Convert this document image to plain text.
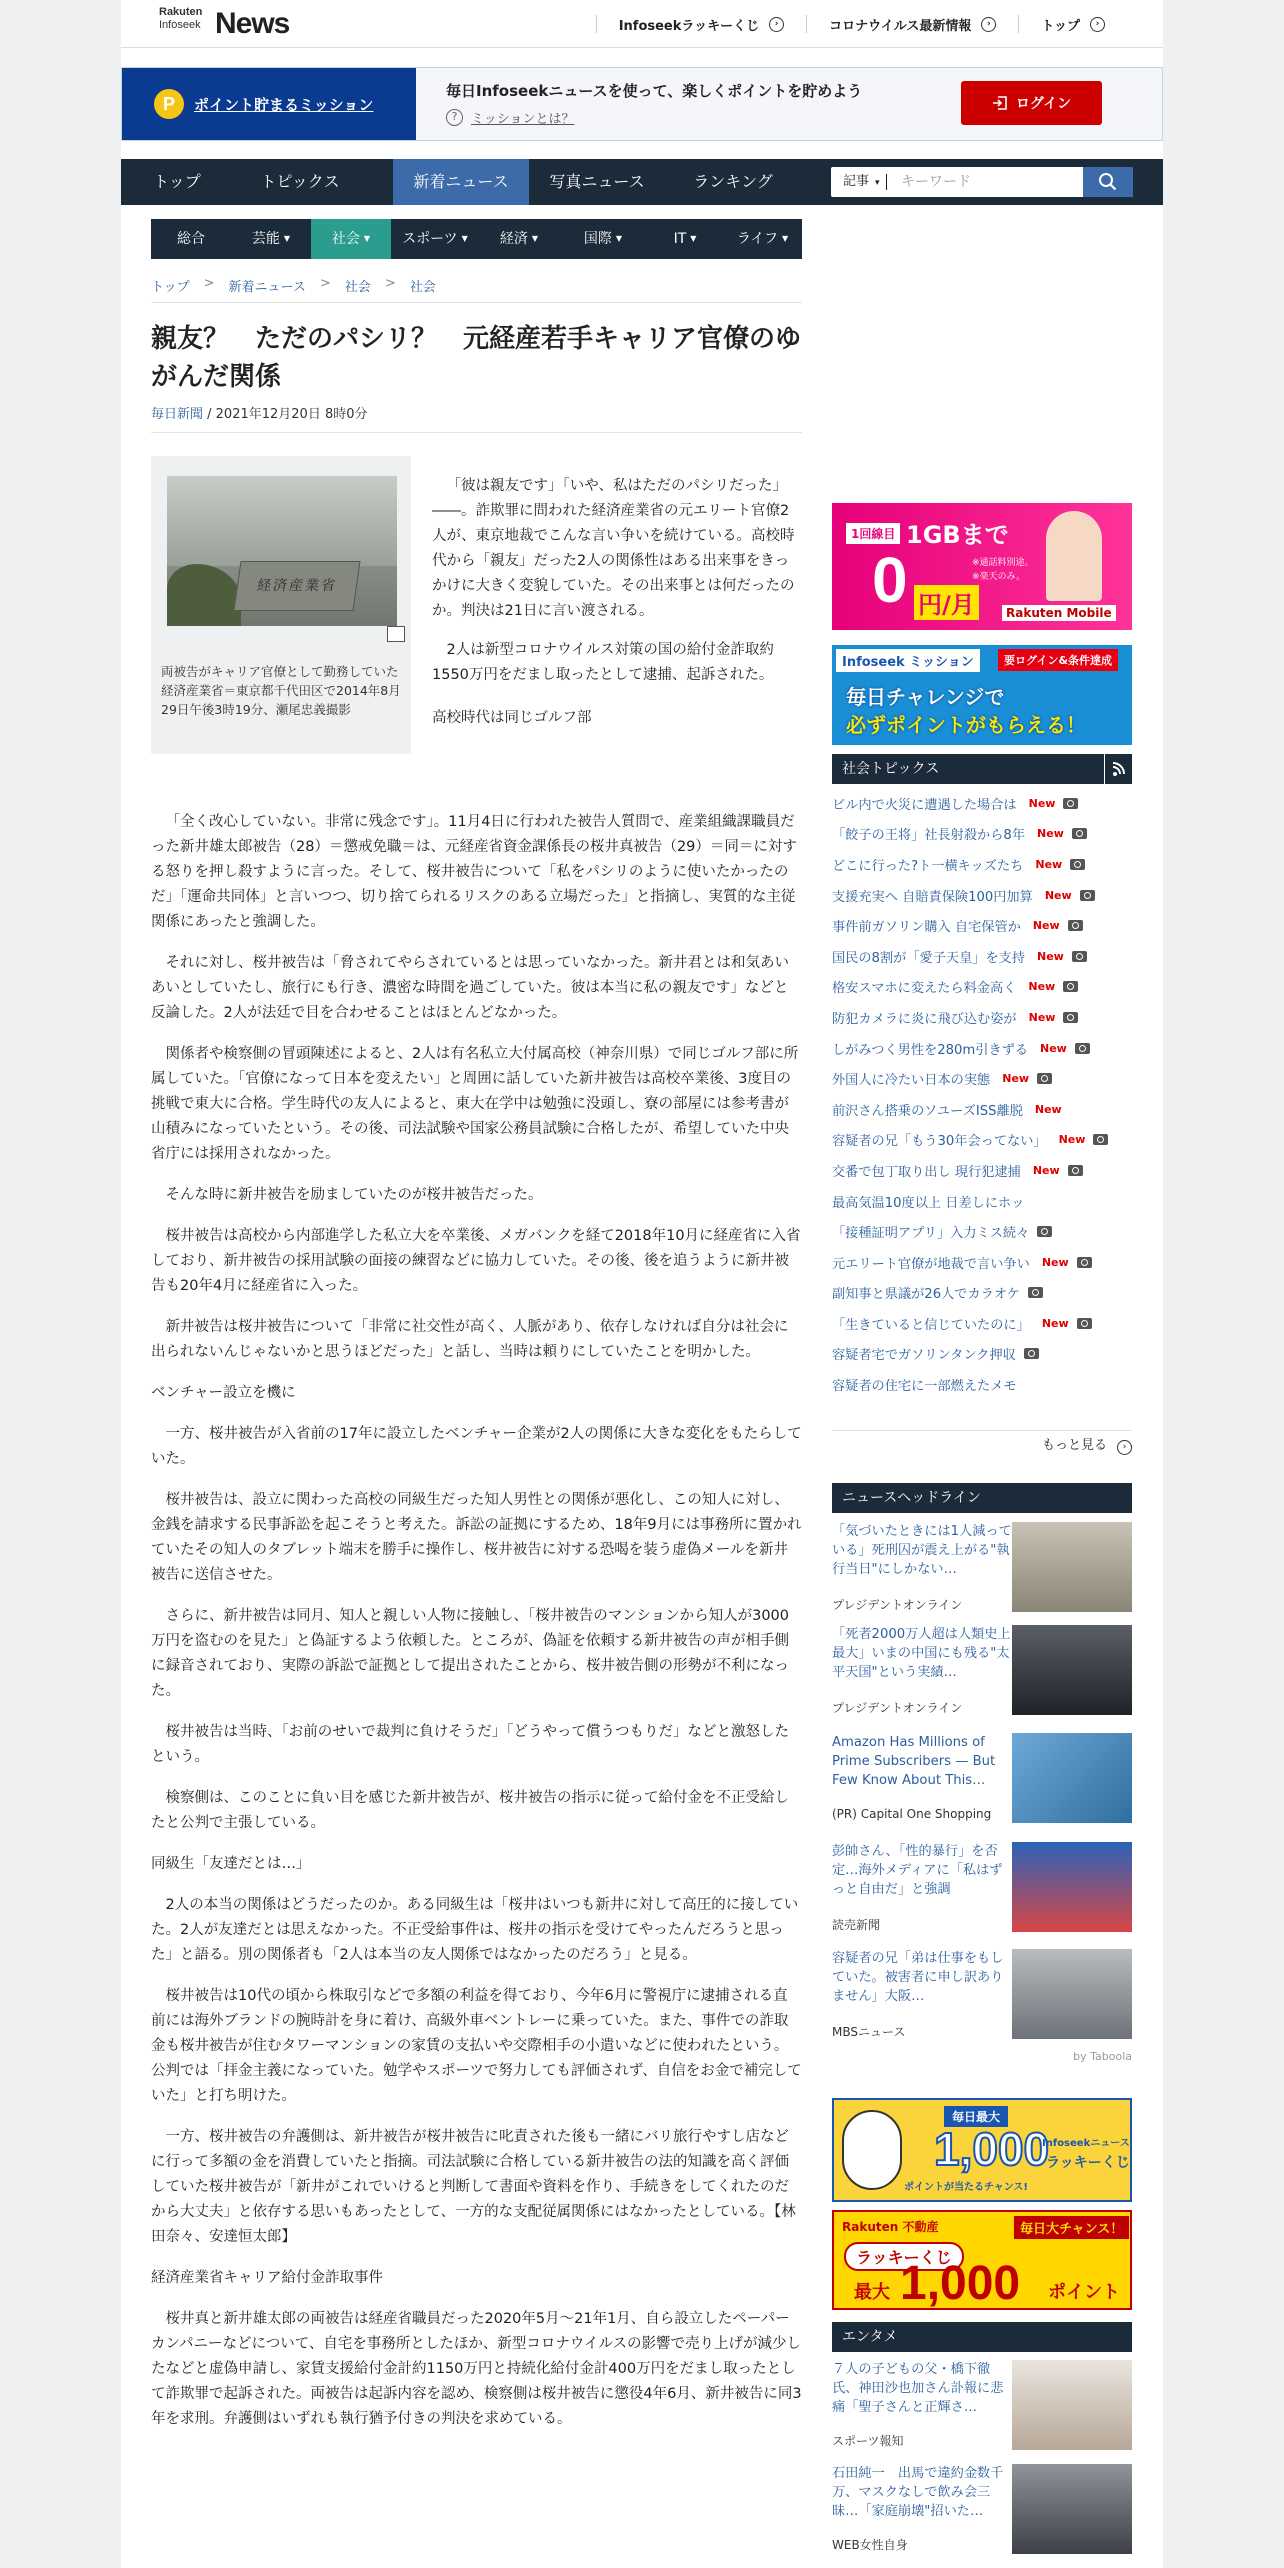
Rakuten
Infoseek News	Infoseekラッキーくじ	›	コロナウイルス最新情報	›	トップ	›
P	ポイント貯まるミッション
毎日Infoseekニュースを使って、楽しくポイントを貯めよう
?	ミッションとは？
ログイン
トップ	トピックス	新着ニュース	写真ニュース	ランキング	記事 ▾
キーワード
総合	芸能 ▼	社会 ▼	スポーツ ▼	経済 ▼	国際 ▼	IT ▼	ライフ ▼
トップ > 新着ニュース > 社会 > 社会
親友？　ただのパシリ？　元経産若手キャリア官僚のゆがんだ関係
毎日新聞 / 2021年12月20日 8時0分
経済産業省
両被告がキャリア官僚として勤務していた経済産業省＝東京都千代田区で2014年8月29日午後3時19分、瀬尾忠義撮影

「彼は親友です」「いや、私はただのパシリだった」――。詐欺罪に問われた経済産業省の元エリート官僚2人が、東京地裁でこんな言い争いを続けている。高校時代から「親友」だった2人の関係性はある出来事をきっかけに大きく変貌していた。その出来事とは何だったのか。判決は21日に言い渡される。

2人は新型コロナウイルス対策の国の給付金詐取約1550万円をだまし取ったとして逮捕、起訴された。

高校時代は同じゴルフ部

「全く改心していない。非常に残念です」。11月4日に行われた被告人質問で、産業組織課職員だった新井雄太郎被告（28）＝懲戒免職＝は、元経産省資金課係長の桜井真被告（29）＝同＝に対する怒りを押し殺すように言った。そして、桜井被告について「私をパシリのように使いたかったのだ」「運命共同体」と言いつつ、切り捨てられるリスクのある立場だった」と指摘し、実質的な主従関係にあったと強調した。

それに対し、桜井被告は「脅されてやらされているとは思っていなかった。新井君とは和気あいあいとしていたし、旅行にも行き、濃密な時間を過ごしていた。彼は本当に私の親友です」などと反論した。2人が法廷で目を合わせることはほとんどなかった。

関係者や検察側の冒頭陳述によると、2人は有名私立大付属高校（神奈川県）で同じゴルフ部に所属していた。「官僚になって日本を変えたい」と周囲に話していた新井被告は高校卒業後、3度目の挑戦で東大に合格。学生時代の友人によると、東大在学中は勉強に没頭し、寮の部屋には参考書が山積みになっていたという。その後、司法試験や国家公務員試験に合格したが、希望していた中央省庁には採用されなかった。

そんな時に新井被告を励ましていたのが桜井被告だった。

桜井被告は高校から内部進学した私立大を卒業後、メガバンクを経て2018年10月に経産省に入省しており、新井被告の採用試験の面接の練習などに協力していた。その後、後を追うように新井被告も20年4月に経産省に入った。

新井被告は桜井被告について「非常に社交性が高く、人脈があり、依存しなければ自分は社会に出られないんじゃないかと思うほどだった」と話し、当時は頼りにしていたことを明かした。

ベンチャー設立を機に

一方、桜井被告が入省前の17年に設立したベンチャー企業が2人の関係に大きな変化をもたらしていた。

桜井被告は、設立に関わった高校の同級生だった知人男性との関係が悪化し、この知人に対し、金銭を請求する民事訴訟を起こそうと考えた。訴訟の証拠にするため、18年9月には事務所に置かれていたその知人のタブレット端末を勝手に操作し、桜井被告に対する恐喝を装う虚偽メールを新井被告に送信させた。

さらに、新井被告は同月、知人と親しい人物に接触し、「桜井被告のマンションから知人が3000万円を盗むのを見た」と偽証するよう依頼した。ところが、偽証を依頼する新井被告の声が相手側に録音されており、実際の訴訟で証拠として提出されたことから、桜井被告側の形勢が不利になった。

桜井被告は当時、「お前のせいで裁判に負けそうだ」「どうやって償うつもりだ」などと激怒したという。

検察側は、このことに負い目を感じた新井被告が、桜井被告の指示に従って給付金を不正受給したと公判で主張している。

同級生「友達だとは…」

2人の本当の関係はどうだったのか。ある同級生は「桜井はいつも新井に対して高圧的に接していた。2人が友達だとは思えなかった。不正受給事件は、桜井の指示を受けてやったんだろうと思った」と語る。別の関係者も「2人は本当の友人関係ではなかったのだろう」と見る。

桜井被告は10代の頃から株取引などで多額の利益を得ており、今年6月に警視庁に逮捕される直前には海外ブランドの腕時計を身に着け、高級外車ベントレーに乗っていた。また、事件での詐取金も桜井被告が住むタワーマンションの家賃の支払いや交際相手の小遣いなどに使われたという。公判では「拝金主義になっていた。勉学やスポーツで努力しても評価されず、自信をお金で補完していた」と打ち明けた。

一方、桜井被告の弁護側は、新井被告が桜井被告に叱責された後も一緒にバリ旅行やすし店などに行って多額の金を消費していたと指摘。司法試験に合格している新井被告の法的知識を高く評価していた桜井被告が「新井がこれでいけると判断して書面や資料を作り、手続きをしてくれたのだから大丈夫」と依存する思いもあったとして、一方的な支配従属関係にはなかったとしている。【林田奈々、安達恒太郎】

経済産業省キャリア給付金詐取事件

桜井真と新井雄太郎の両被告は経産省職員だった2020年5月～21年1月、自ら設立したペーパーカンパニーなどについて、自宅を事務所としたほか、新型コロナウイルスの影響で売り上げが減少したなどと虚偽申請し、家賃支援給付金計約1150万円と持続化給付金計400万円をだまし取ったとして詐欺罪で起訴された。両被告は起訴内容を認め、検察側は桜井被告に懲役4年6月、新井被告に同3年を求刑。弁護側はいずれも執行猶予付きの判決を求めている。

1回線目 1GBまで
※通話料別途。
※楽天のみ。
0 円/月	Rakuten Mobile
Infoseek ミッション	要ログイン&条件達成
毎日チャレンジで
必ずポイントがもらえる！
社会トピックス
ビル内で火災に遭遇した場合は New
「餃子の王将」社長射殺から8年 New
どこに行った?ト一横キッズたち New
支援充実へ 自賠責保険100円加算 New
事件前ガソリン購入 自宅保管か New
国民の8割が「愛子天皇」を支持 New
格安スマホに変えたら料金高く New
防犯カメラに炎に飛び込む姿が New
しがみつく男性を280m引きずる New
外国人に冷たい日本の実態 New
前沢さん搭乗のソユーズISS離脱 New
容疑者の兄「もう30年会ってない」 New
交番で包丁取り出し 現行犯逮捕 New
最高気温10度以上 日差しにホッ
「接種証明アプリ」入力ミス続々
元エリート官僚が地裁で言い争い New
副知事と県議が26人でカラオケ
「生きていると信じていたのに」 New
容疑者宅でガソリンタンク押収
容疑者の住宅に一部燃えたメモ
もっと見る ›
ニュースヘッドライン
「気づいたときには1人減っている」死刑囚が震え上がる"執行当日"にしかない…
プレジデントオンライン
「死者2000万人超は人類史上最大」いまの中国にも残る"太平天国"という実績…
プレジデントオンライン
Amazon Has Millions of Prime Subscribers — But Few Know About This…
(PR) Capital One Shopping
彭帥さん、「性的暴行」を否定…海外メディアに「私はずっと自由だ」と強調
読売新聞
容疑者の兄「弟は仕事をもしていた。被害者に申し訳ありません」大阪…
MBSニュース
by Taboola
毎日最大
1,000
ポイントが当たるチャンス!
Infoseekニュース
ラッキーくじ
Rakuten 不動産	毎日大チャンス！
ラッキーくじ
最大 1,000 ポイント
エンタメ
７人の子どもの父・橋下徹氏、神田沙也加さん訃報に悲痛「聖子さんと正輝さ…
スポーツ報知
石田純一　出馬で違約金数千万、マスクなしで飲み会三昧…「家庭崩壊"招いた…
WEB女性自身
